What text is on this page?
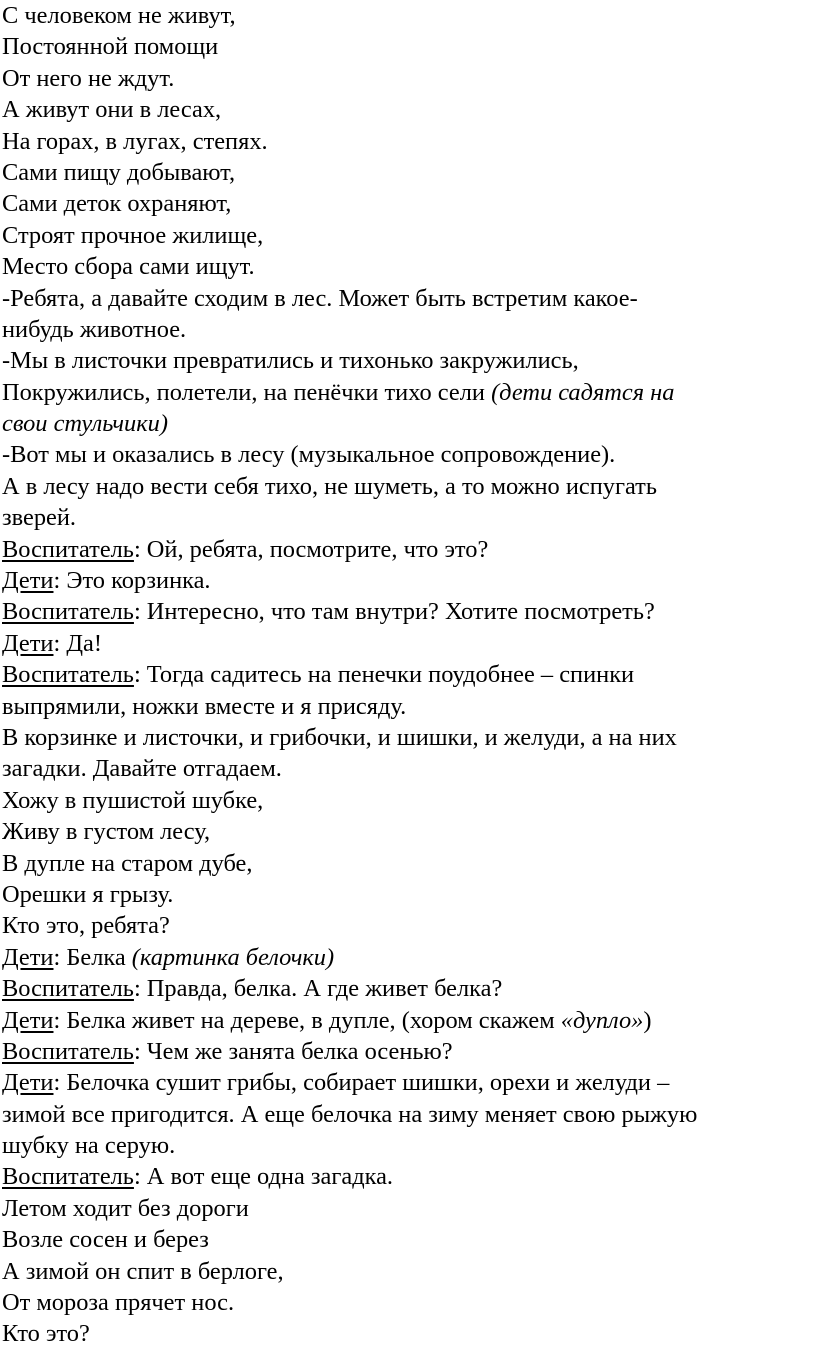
С человеком не живут,
Постоянной помощи
От него не ждут.
А живут они в лесах,
На горах, в лугах, степях.
Сами пищу добывают,
Сами деток охраняют,
Строят прочное жилище,
Место сбора сами ищут.
-Ребята, а давайте сходим в лес. Может быть встретим какое-
нибудь животное.
-Мы в листочки превратились и тихонько закружились,
Покружились, полетели, на пенёчки тихо сели (дети садятся на
свои стульчики)
-Вот мы и оказались в лесу (музыкальное сопровождение).
А в лесу надо вести себя тихо, не шуметь, а то можно испугать
зверей.
Воспитатель: Ой, ребята, посмотрите, что это?
Дети: Это корзинка.
Воспитатель: Интересно, что там внутри? Хотите посмотреть?
Дети: Да!
Воспитатель: Тогда садитесь на пенечки поудобнее – спинки
выпрямили, ножки вместе и я присяду.
В корзинке и листочки, и грибочки, и шишки, и желуди, а на них
загадки. Давайте отгадаем.
Хожу в пушистой шубке,
Живу в густом лесу,
В дупле на старом дубе,
Орешки я грызу.
Кто это, ребята?
Дети: Белка (картинка белочки)
Воспитатель: Правда, белка. А где живет белка?
Дети: Белка живет на дереве, в дупле, (хором скажем «дупло»)
Воспитатель: Чем же занята белка осенью?
Дети: Белочка сушит грибы, собирает шишки, орехи и желуди –
зимой все пригодится. А еще белочка на зиму меняет свою рыжую
шубку на серую.
Воспитатель: А вот еще одна загадка.
Летом ходит без дороги
Возле сосен и берез
А зимой он спит в берлоге,
От мороза прячет нос.
Кто это?
